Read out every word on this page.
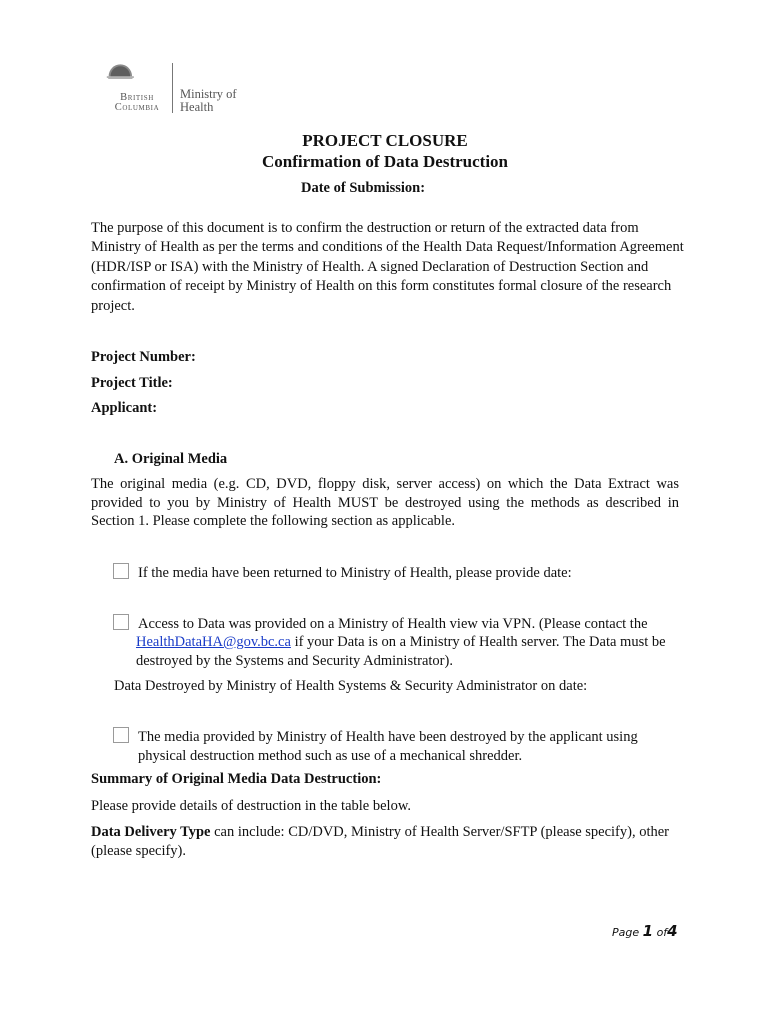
British
Columbia
Ministry of
Health
PROJECT CLOSURE
Confirmation of Data Destruction
Date of Submission:
The purpose of this document is to confirm the destruction or return of the extracted data from Ministry of Health as per the terms and conditions of the Health Data Request/Information Agreement (HDR/ISP or ISA) with the Ministry of Health. A signed Declaration of Destruction Section and confirmation of receipt by Ministry of Health on this form constitutes formal closure of the research project.
Project Number:
Project Title:
Applicant:
A. Original Media
The original media (e.g. CD, DVD, floppy disk, server access) on which the Data Extract was provided to you by Ministry of Health MUST be destroyed using the methods as described in Section 1. Please complete the following section as applicable.
If the media have been returned to Ministry of Health, please provide date:
Access to Data was provided on a Ministry of Health view via VPN. (Please contact the
HealthDataHA@gov.bc.ca if your Data is on a Ministry of Health server. The Data must be destroyed by the Systems and Security Administrator).
Data Destroyed by Ministry of Health Systems & Security Administrator on date:
The media provided by Ministry of Health have been destroyed by the applicant using physical destruction method such as use of a mechanical shredder.
Summary of Original Media Data Destruction:
Please provide details of destruction in the table below.
Data Delivery Type can include: CD/DVD, Ministry of Health Server/SFTP (please specify), other (please specify).
Page 1 of4
